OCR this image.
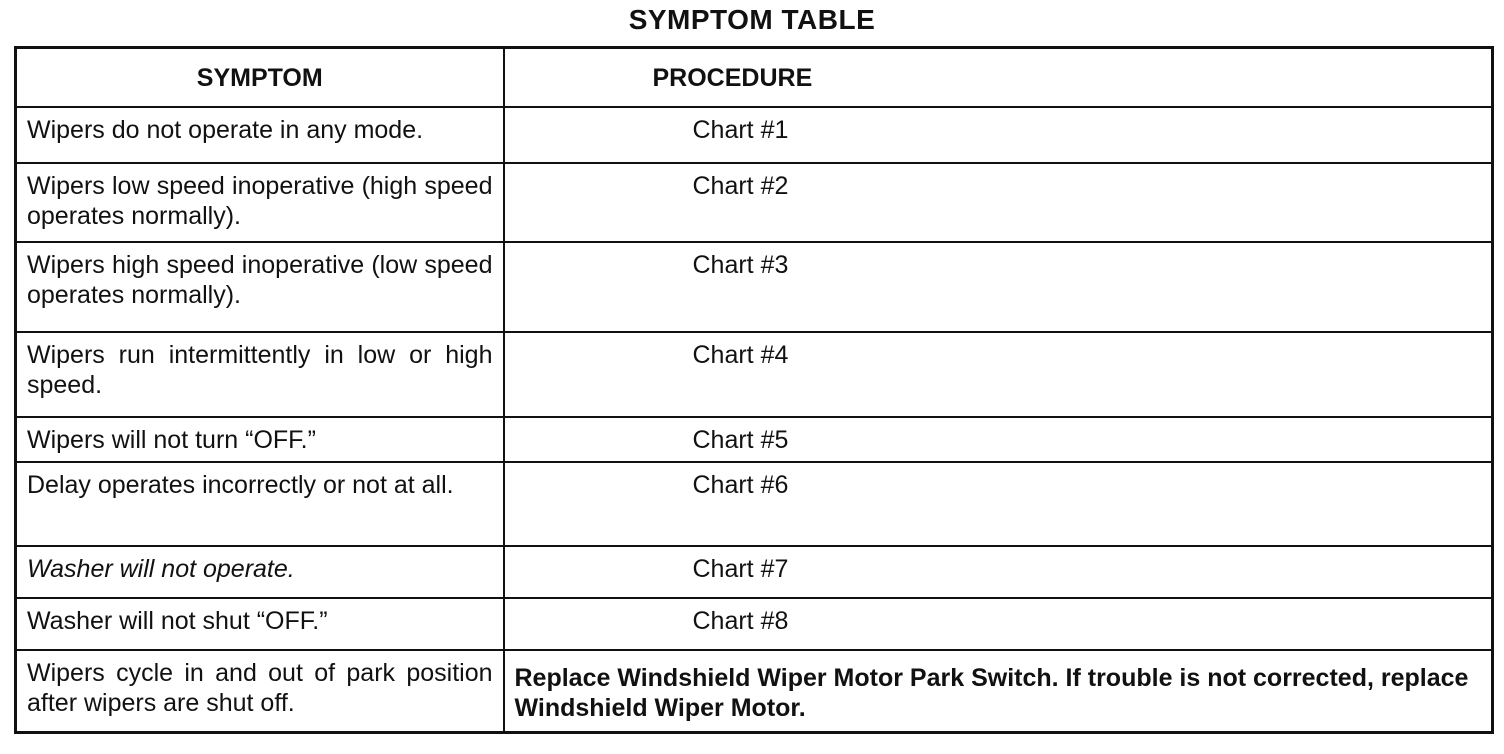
SYMPTOM TABLE
SYMPTOM	PROCEDURE
Wipers do not operate in any mode.	Chart #1
Wipers low speed inoperative (high speed operates normally).	Chart #2
Wipers high speed inoperative (low speed operates normally).	Chart #3
Wipers run intermittently in low or high speed.	Chart #4
Wipers will not turn “OFF.”	Chart #5
Delay operates incorrectly or not at all.	Chart #6
Washer will not operate.	Chart #7
Washer will not shut “OFF.”	Chart #8
Wipers cycle in and out of park position after wipers are shut off.	Replace Windshield Wiper Motor Park Switch. If trouble is not corrected, replace Windshield Wiper Motor.
